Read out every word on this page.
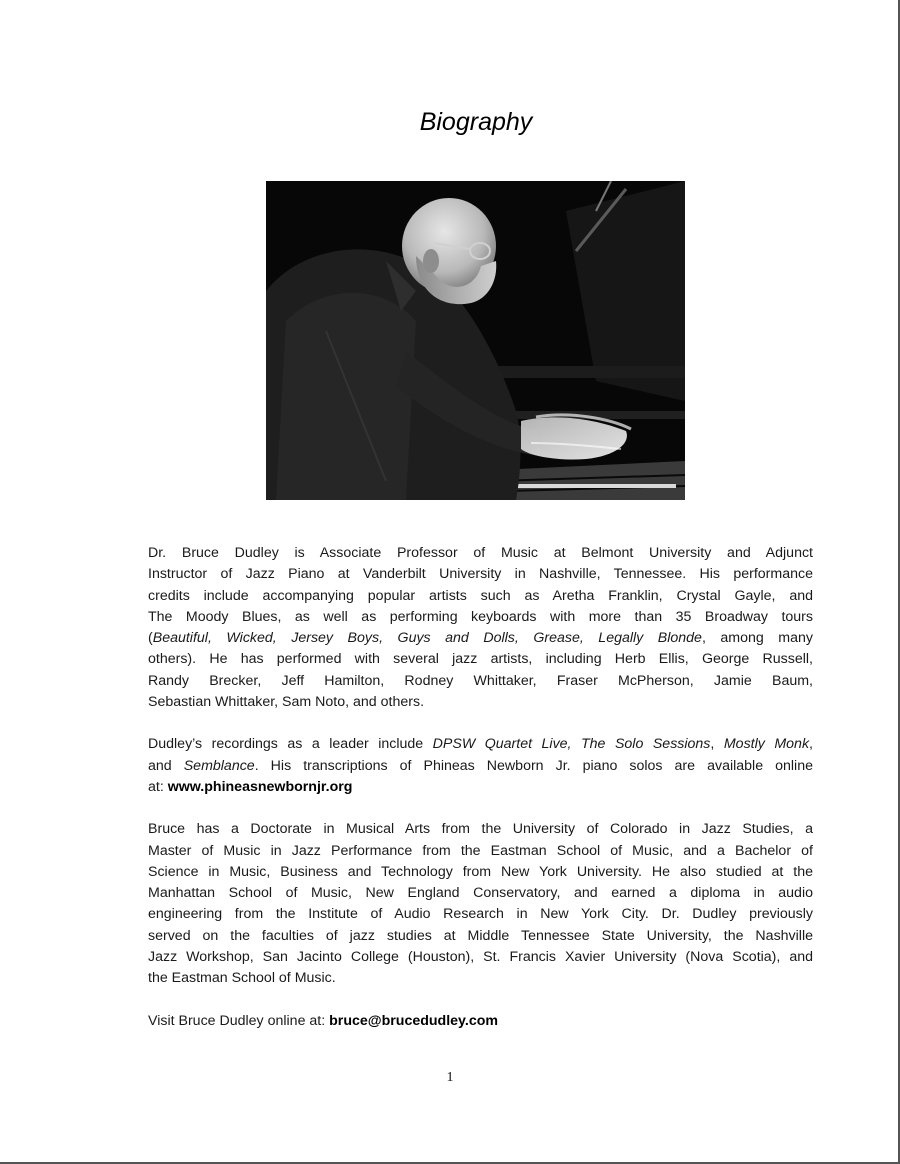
Biography

Dr. Bruce Dudley is Associate Professor of Music at Belmont University and Adjunct
Instructor of Jazz Piano at Vanderbilt University in Nashville, Tennessee. His performance
credits include accompanying popular artists such as Aretha Franklin, Crystal Gayle, and
The Moody Blues, as well as performing keyboards with more than 35 Broadway tours
(Beautiful, Wicked, Jersey Boys, Guys and Dolls, Grease, Legally Blonde, among many
others). He has performed with several jazz artists, including Herb Ellis, George Russell,
Randy Brecker, Jeff Hamilton, Rodney Whittaker, Fraser McPherson, Jamie Baum,
Sebastian Whittaker, Sam Noto, and others.

Dudley’s recordings as a leader include DPSW Quartet Live, The Solo Sessions, Mostly Monk,
and Semblance. His transcriptions of Phineas Newborn Jr. piano solos are available online
at: www.phineasnewbornjr.org

Bruce has a Doctorate in Musical Arts from the University of Colorado in Jazz Studies, a
Master of Music in Jazz Performance from the Eastman School of Music, and a Bachelor of
Science in Music, Business and Technology from New York University. He also studied at the
Manhattan School of Music, New England Conservatory, and earned a diploma in audio
engineering from the Institute of Audio Research in New York City. Dr. Dudley previously
served on the faculties of jazz studies at Middle Tennessee State University, the Nashville
Jazz Workshop, San Jacinto College (Houston), St. Francis Xavier University (Nova Scotia), and
the Eastman School of Music.

Visit Bruce Dudley online at: bruce@brucedudley.com

1
